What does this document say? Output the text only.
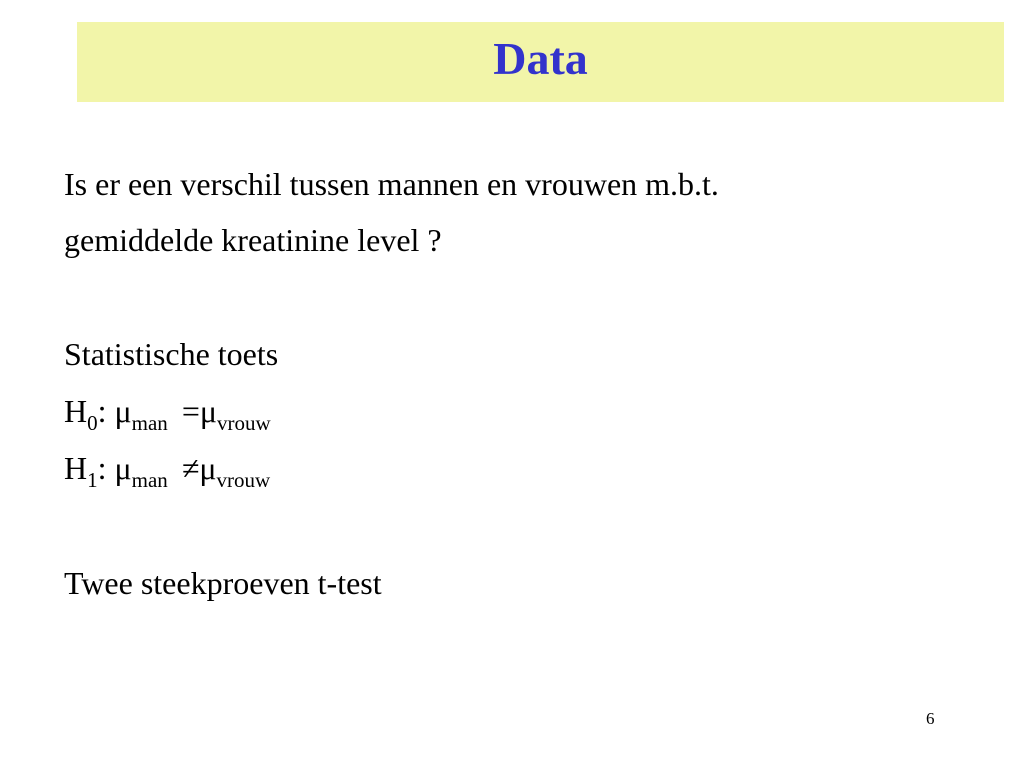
Data
Is er een verschil tussen mannen en vrouwen m.b.t.
gemiddelde kreatinine level ?
Statistische toets
$H_0$: $\mu_{man} =\mu_{vrouw}$
$H_1$: $\mu_{man} \ne\mu_{vrouw}$
Twee steekproeven t-test
6
